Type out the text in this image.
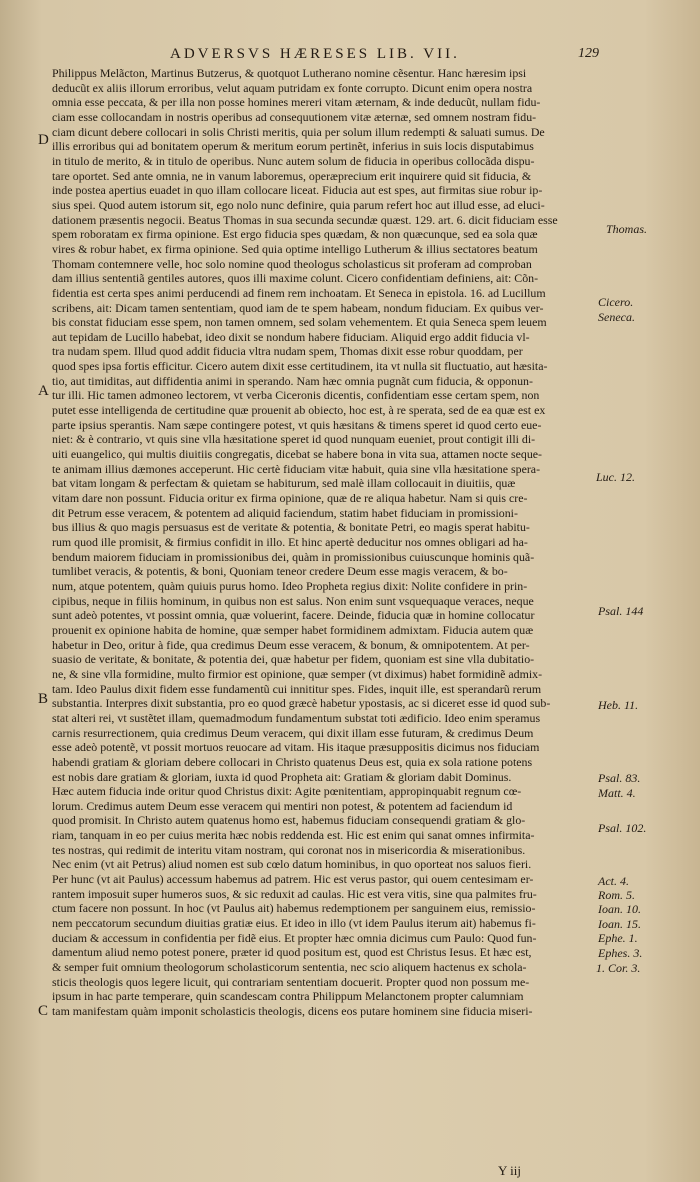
ADVERSVS HÆRESES LIB. VII.	129
Philippus Melãcton, Martinus Butzerus, & quotquot Lutherano nomine cẽsentur. Hanc hæresim ipsi
deducũt ex aliis illorum erroribus, velut aquam putridam ex fonte corrupto. Dicunt enim opera nostra
omnia esse peccata, & per illa non posse homines mereri vitam æternam, & inde deducũt, nullam fidu-
ciam esse collocandam in nostris operibus ad consequutionem vitæ æternæ, sed omnem nostram fidu-
ciam dicunt debere collocari in solis Christi meritis, quia per solum illum redempti & saluati sumus. De
illis erroribus qui ad bonitatem operum & meritum eorum pertinẽt, inferius in suis locis disputabimus
in titulo de merito, & in titulo de operibus. Nunc autem solum de fiducia in operibus collocãda dispu-
tare oportet. Sed ante omnia, ne in vanum laboremus, operæprecium erit inquirere quid sit fiducia, &
inde postea apertius euadet in quo illam collocare liceat. Fiducia aut est spes, aut firmitas siue robur ip-
sius spei. Quod autem istorum sit, ego nolo nunc definire, quia parum refert hoc aut illud esse, ad eluci-
dationem præsentis negocii. Beatus Thomas in sua secunda secundæ quæst. 129. art. 6. dicit fiduciam esse
spem roboratam ex firma opinione. Est ergo fiducia spes quædam, & non quæcunque, sed ea sola quæ
vires & robur habet, ex firma opinione. Sed quia optime intelligo Lutherum & illius sectatores beatum
Thomam contemnere velle, hoc solo nomine quod theologus scholasticus sit proferam ad comproban
dam illius sententiã gentiles autores, quos illi maxime colunt. Cicero confidentiam definiens, ait: Cõn-
fidentia est certa spes animi perducendi ad finem rem inchoatam. Et Seneca in epistola. 16. ad Lucillum
scribens, ait: Dicam tamen sententiam, quod iam de te spem habeam, nondum fiduciam. Ex quibus ver-
bis constat fiduciam esse spem, non tamen omnem, sed solam vehementem. Et quia Seneca spem leuem
aut tepidam de Lucillo habebat, ideo dixit se nondum habere fiduciam. Aliquid ergo addit fiducia vl-
tra nudam spem. Illud quod addit fiducia vltra nudam spem, Thomas dixit esse robur quoddam, per
quod spes ipsa fortis efficitur. Cicero autem dixit esse certitudinem, ita vt nulla sit fluctuatio, aut hæsita-
tio, aut timiditas, aut diffidentia animi in sperando. Nam hæc omnia pugnãt cum fiducia, & opponun-
tur illi. Hic tamen admoneo lectorem, vt verba Ciceronis dicentis, confidentiam esse certam spem, non
putet esse intelligenda de certitudine quæ prouenit ab obiecto, hoc est, à re sperata, sed de ea quæ est ex
parte ipsius sperantis. Nam sæpe contingere potest, vt quis hæsitans & timens speret id quod certo eue-
niet: & è contrario, vt quis sine vlla hæsitatione speret id quod nunquam eueniet, prout contigit illi di-
uiti euangelico, qui multis diuitiis congregatis, dicebat se habere bona in vita sua, attamen nocte seque-
te animam illius dæmones acceperunt. Hic certè fiduciam vitæ habuit, quia sine vlla hæsitatione spera-
bat vitam longam & perfectam & quietam se habiturum, sed malè illam collocauit in diuitiis, quæ
vitam dare non possunt. Fiducia oritur ex firma opinione, quæ de re aliqua habetur. Nam si quis cre-
dit Petrum esse veracem, & potentem ad aliquid faciendum, statim habet fiduciam in promissioni-
bus illius & quo magis persuasus est de veritate & potentia, & bonitate Petri, eo magis sperat habitu-
rum quod ille promisit, & firmius confidit in illo. Et hinc apertè deducitur nos omnes obligari ad ha-
bendum maiorem fiduciam in promissionibus dei, quàm in promissionibus cuiuscunque hominis quã-
tumlibet veracis, & potentis, & boni, Quoniam teneor credere Deum esse magis veracem, & bo-
num, atque potentem, quàm quiuis purus homo. Ideo Propheta regius dixit: Nolite confidere in prin-
cipibus, neque in filiis hominum, in quibus non est salus. Non enim sunt vsquequaque veraces, neque
sunt adeò potentes, vt possint omnia, quæ voluerint, facere. Deinde, fiducia quæ in homine collocatur
prouenit ex opinione habita de homine, quæ semper habet formidinem admixtam. Fiducia autem quæ
habetur in Deo, oritur à fide, qua credimus Deum esse veracem, & bonum, & omnipotentem. At per-
suasio de veritate, & bonitate, & potentia dei, quæ habetur per fidem, quoniam est sine vlla dubitatio-
ne, & sine vlla formidine, multo firmior est opinione, quæ semper (vt diximus) habet formidinẽ admix-
tam. Ideo Paulus dixit fidem esse fundamentũ cui innititur spes. Fides, inquit ille, est sperandarũ rerum
substantia. Interpres dixit substantia, pro eo quod græcè habetur ypostasis, ac si diceret esse id quod sub-
stat alteri rei, vt sustẽtet illam, quemadmodum fundamentum substat toti ædificio. Ideo enim speramus
carnis resurrectionem, quia credimus Deum veracem, qui dixit illam esse futuram, & credimus Deum
esse adeò potentẽ, vt possit mortuos reuocare ad vitam. His itaque præsuppositis dicimus nos fiduciam
habendi gratiam & gloriam debere collocari in Christo quatenus Deus est, quia ex sola ratione potens
est nobis dare gratiam & gloriam, iuxta id quod Propheta ait: Gratiam & gloriam dabit Dominus.
Hæc autem fiducia inde oritur quod Christus dixit: Agite pœnitentiam, appropinquabit regnum cœ-
lorum. Credimus autem Deum esse veracem qui mentiri non potest, & potentem ad faciendum id
quod promisit. In Christo autem quatenus homo est, habemus fiduciam consequendi gratiam & glo-
riam, tanquam in eo per cuius merita hæc nobis reddenda est. Hic est enim qui sanat omnes infirmita-
tes nostras, qui redimit de interitu vitam nostram, qui coronat nos in misericordia & miserationibus.
Nec enim (vt ait Petrus) aliud nomen est sub cœlo datum hominibus, in quo oporteat nos saluos fieri.
Per hunc (vt ait Paulus) accessum habemus ad patrem. Hic est verus pastor, qui ouem centesimam er-
rantem imposuit super humeros suos, & sic reduxit ad caulas. Hic est vera vitis, sine qua palmites fru-
ctum facere non possunt. In hoc (vt Paulus ait) habemus redemptionem per sanguinem eius, remissio-
nem peccatorum secundum diuitias gratiæ eius. Et ideo in illo (vt idem Paulus iterum ait) habemus fi-
duciam & accessum in confidentia per fidẽ eius. Et propter hæc omnia dicimus cum Paulo: Quod fun-
damentum aliud nemo potest ponere, præter id quod positum est, quod est Christus Iesus. Et hæc est,
& semper fuit omnium theologorum scholasticorum sententia, nec scio aliquem hactenus ex schola-
sticis theologis quos legere licuit, qui contrariam sententiam docuerit. Propter quod non possum me-
ipsum in hac parte temperare, quin scandescam contra Philippum Melanctonem propter calumniam
tam manifestam quàm imponit scholasticis theologis, dicens eos putare hominem sine fiducia miseri-
D
A
B
C
Thomas.
Cicero.
Seneca.
Luc. 12.
Psal. 144
Heb. 11.
Psal. 83.
Matt. 4.
Psal. 102.
Act. 4.
Rom. 5.
Ioan. 10.
Ioan. 15.
Ephe. 1.
Ephes. 3.
1. Cor. 3.
Y iij
